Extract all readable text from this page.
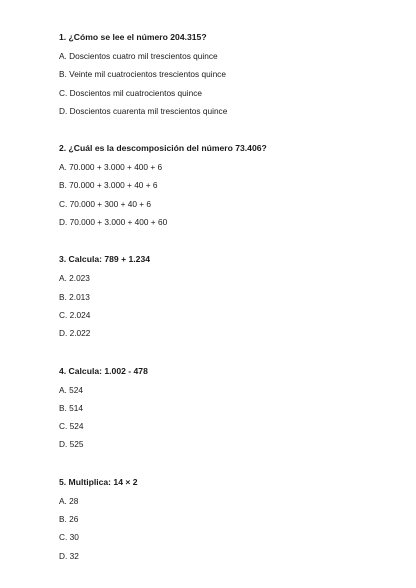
1. ¿Cómo se lee el número 204.315?
A. Doscientos cuatro mil trescientos quince
B. Veinte mil cuatrocientos trescientos quince
C. Doscientos mil cuatrocientos quince
D. Doscientos cuarenta mil trescientos quince
2. ¿Cuál es la descomposición del número 73.406?
A. 70.000 + 3.000 + 400 + 6
B. 70.000 + 3.000 + 40 + 6
C. 70.000 + 300 + 40 + 6
D. 70.000 + 3.000 + 400 + 60
3. Calcula: 789 + 1.234
A. 2.023
B. 2.013
C. 2.024
D. 2.022
4. Calcula: 1.002 - 478
A. 524
B. 514
C. 524
D. 525
5. Multiplica: 14 × 2
A. 28
B. 26
C. 30
D. 32
